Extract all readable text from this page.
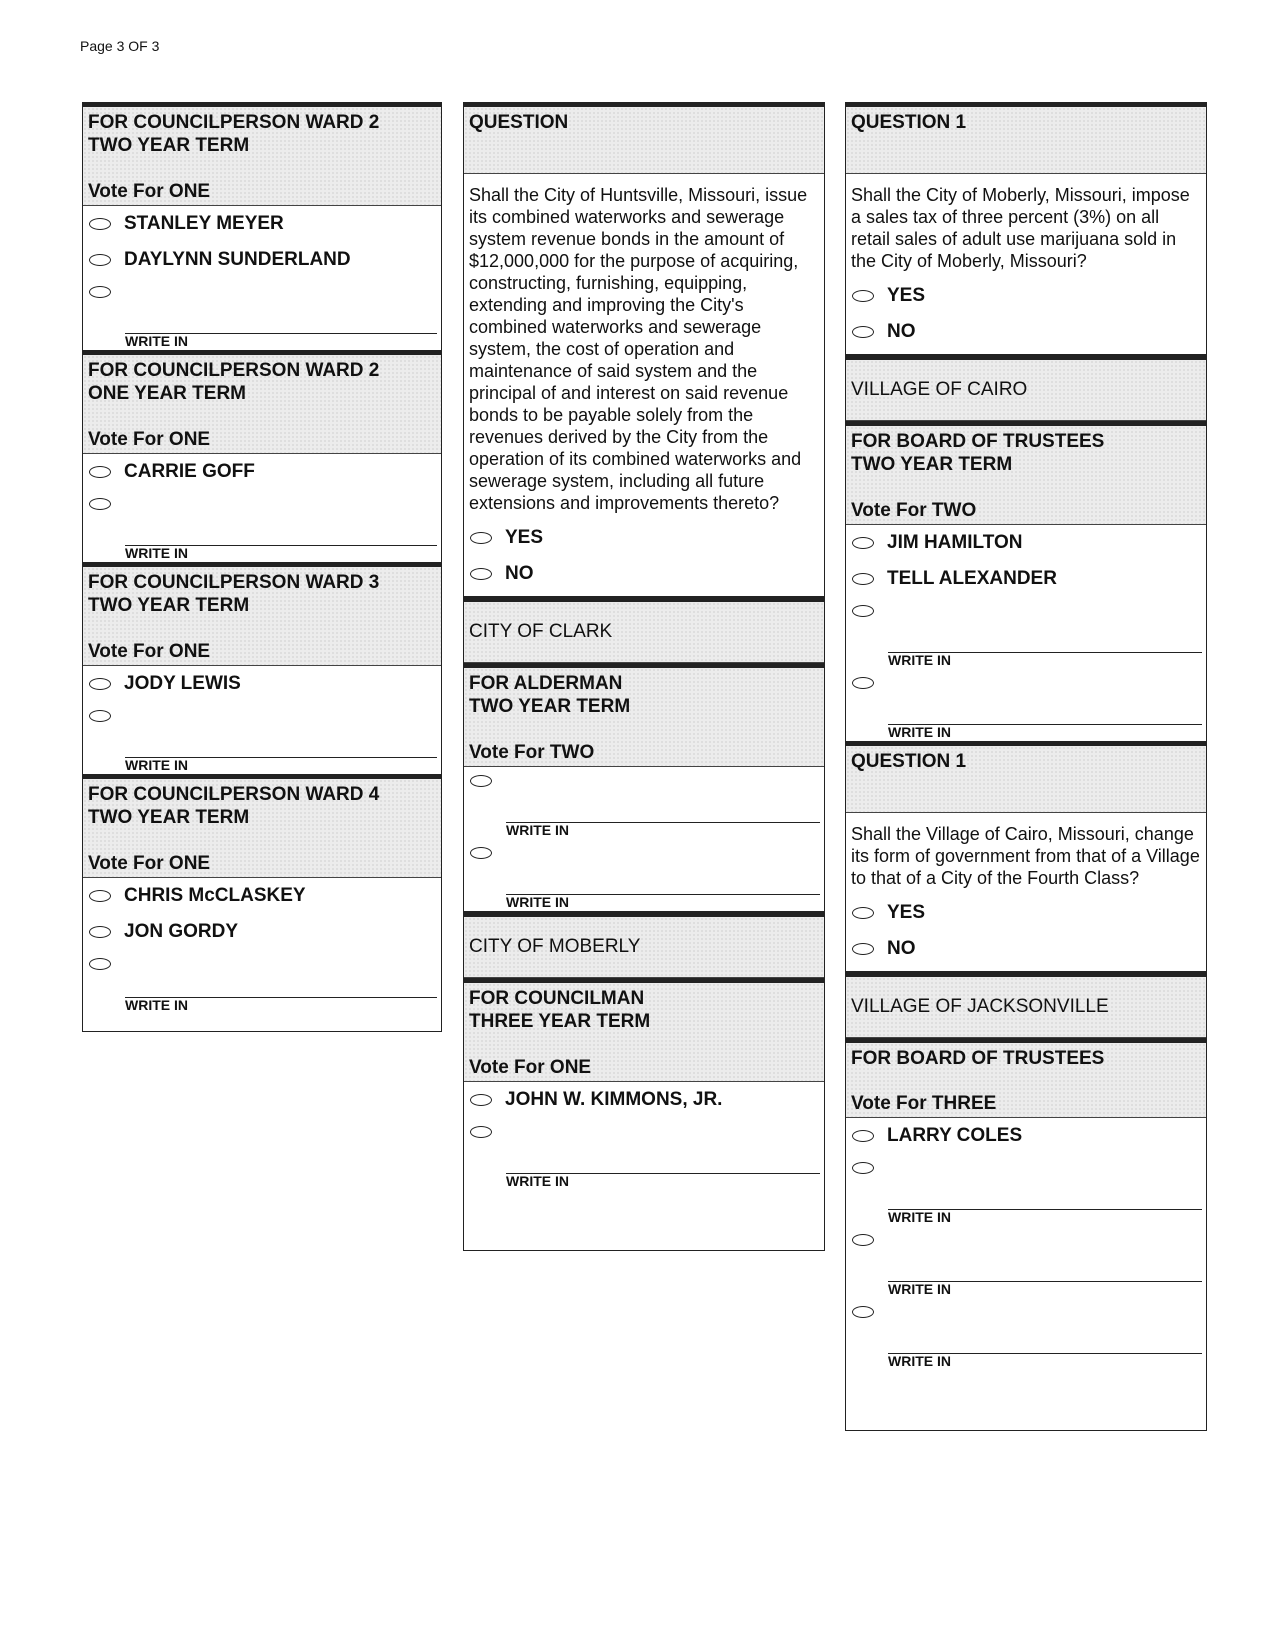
Page 3 OF 3
FOR COUNCILPERSON WARD 2
TWO YEAR TERM
Vote For ONE
STANLEY MEYER
DAYLYNN SUNDERLAND
WRITE IN
FOR COUNCILPERSON WARD 2
ONE YEAR TERM
Vote For ONE
CARRIE GOFF
WRITE IN
FOR COUNCILPERSON WARD 3
TWO YEAR TERM
Vote For ONE
JODY LEWIS
WRITE IN
FOR COUNCILPERSON WARD 4
TWO YEAR TERM
Vote For ONE
CHRIS McCLASKEY
JON GORDY
WRITE IN
QUESTION
Shall the City of Huntsville, Missouri, issue its combined waterworks and sewerage system revenue bonds in the amount of $12,000,000 for the purpose of acquiring, constructing, furnishing, equipping, extending and improving the City's combined waterworks and sewerage system, the cost of operation and maintenance of said system and the principal of and interest on said revenue bonds to be payable solely from the revenues derived by the City from the operation of its combined waterworks and sewerage system, including all future extensions and improvements thereto?
YES
NO
CITY OF CLARK
FOR ALDERMAN
TWO YEAR TERM
Vote For TWO
WRITE IN
WRITE IN
CITY OF MOBERLY
FOR COUNCILMAN
THREE YEAR TERM
Vote For ONE
JOHN W. KIMMONS, JR.
WRITE IN
QUESTION 1
Shall the City of Moberly, Missouri, impose a sales tax of three percent (3%) on all retail sales of adult use marijuana sold in the City of Moberly, Missouri?
YES
NO
VILLAGE OF CAIRO
FOR BOARD OF TRUSTEES
TWO YEAR TERM
Vote For TWO
JIM HAMILTON
TELL ALEXANDER
WRITE IN
WRITE IN
QUESTION 1
Shall the Village of Cairo, Missouri, change its form of government from that of a Village to that of a City of the Fourth Class?
YES
NO
VILLAGE OF JACKSONVILLE
FOR BOARD OF TRUSTEES
Vote For THREE
LARRY COLES
WRITE IN
WRITE IN
WRITE IN
